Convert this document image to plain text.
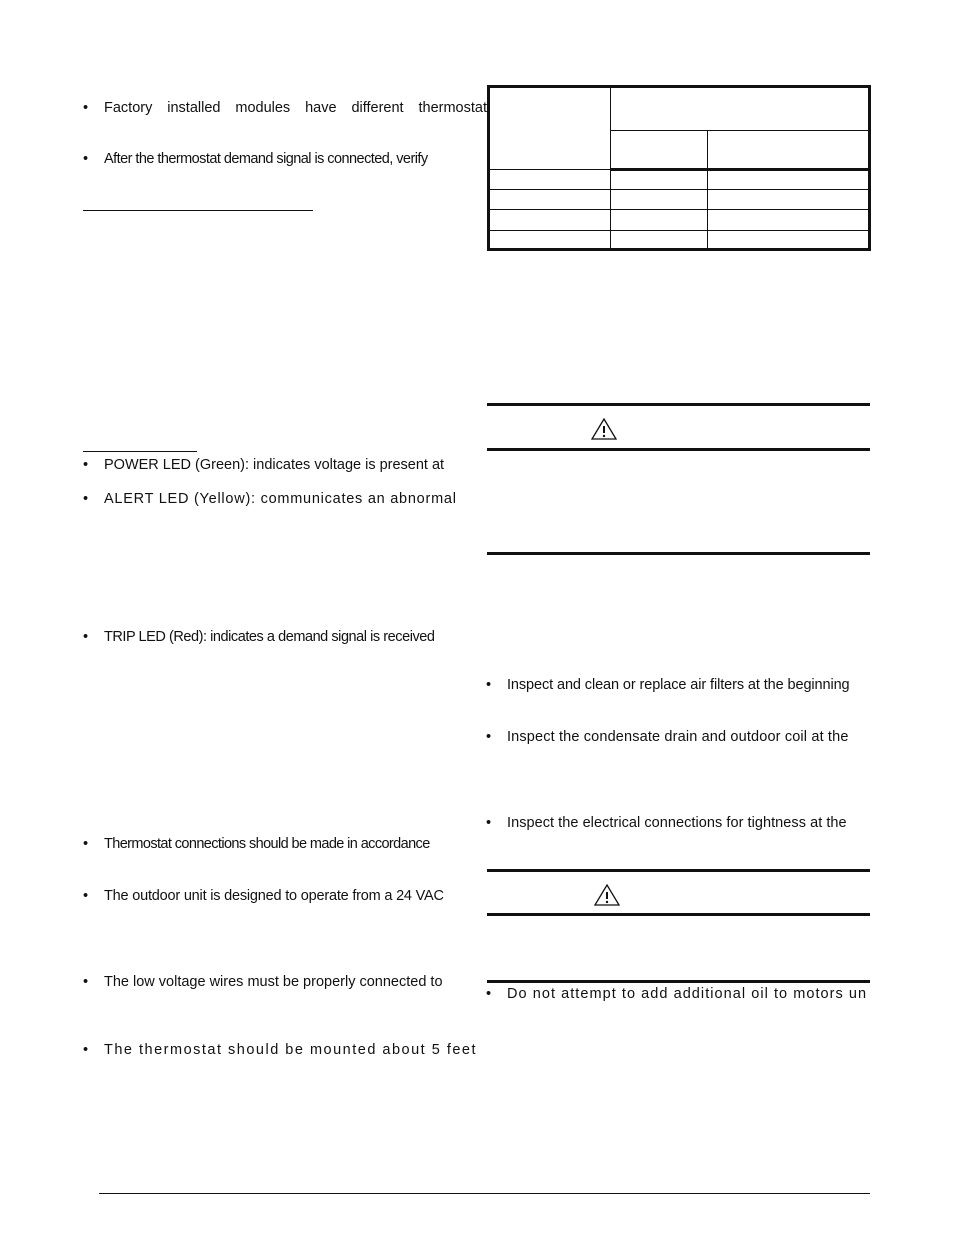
• Factory installed modules have different thermostat
• After the thermostat demand signal is connected, verify
• POWER LED (Green): indicates voltage is present at
• ALERT LED (Yellow): communicates an abnormal
• TRIP LED (Red): indicates a demand signal is received
• Thermostat connections should be made in accordance
• The outdoor unit is designed to operate from a 24 VAC
• The low voltage wires must be properly connected to
• The thermostat should be mounted about 5 feet

• Inspect and clean or replace air filters at the beginning
• Inspect the condensate drain and outdoor coil at the
• Inspect the electrical connections for tightness at the
• Do not attempt to add additional oil to motors un
